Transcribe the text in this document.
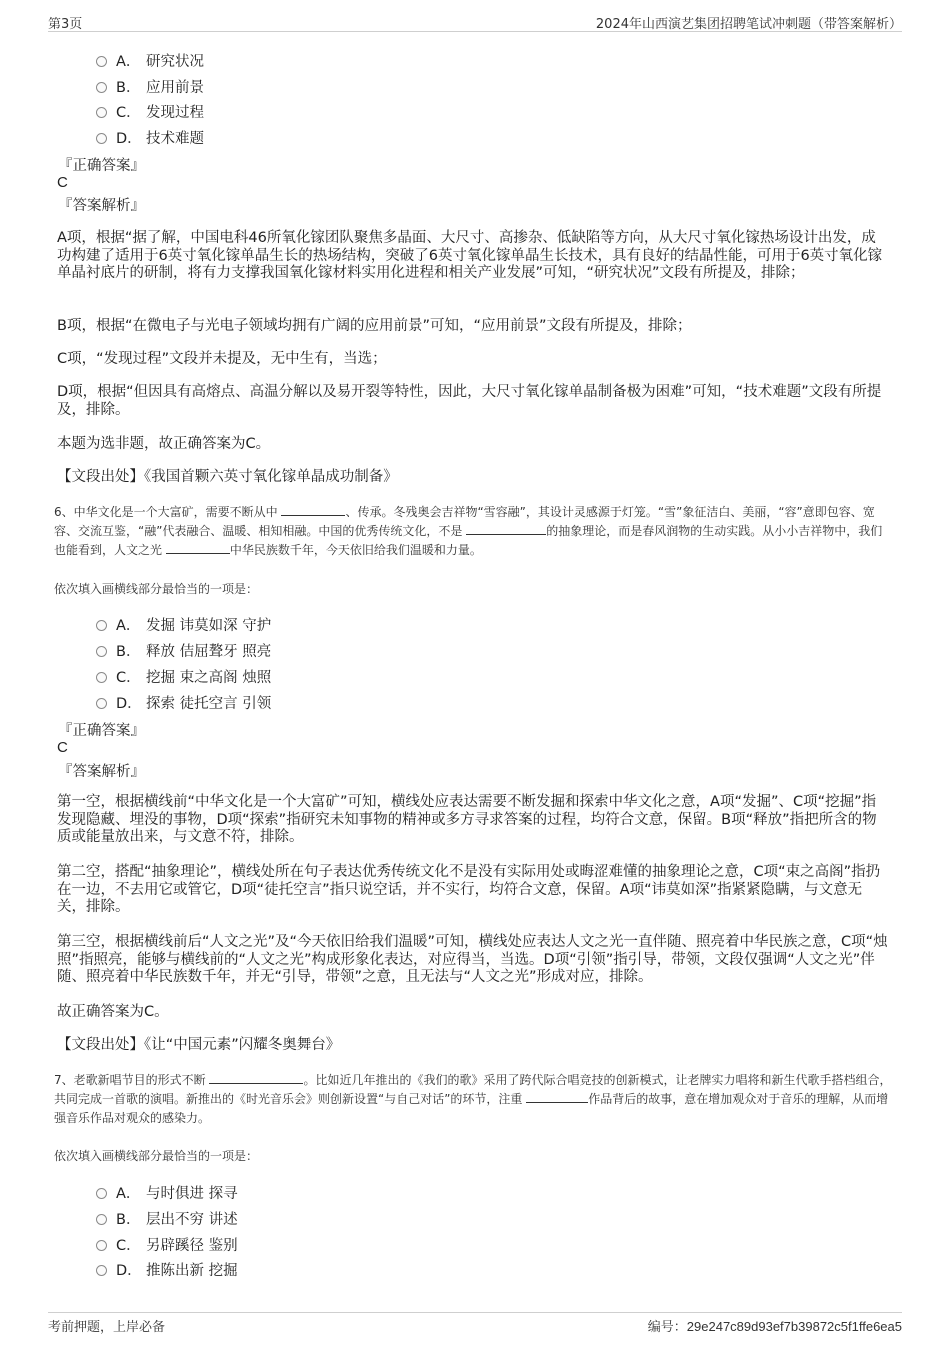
第3页	2024年山西演艺集团招聘笔试冲刺题（带答案解析）
A． 研究状况
B． 应用前景
C． 发现过程
D． 技术难题
『正确答案』
C
『答案解析』
A项，根据“据了解，中国电科46所氧化镓团队聚焦多晶面、大尺寸、高掺杂、低缺陷等方向，从大尺寸氧化镓热场设计出发，成功构建了适用于6英寸氧化镓单晶生长的热场结构，突破了6英寸氧化镓单晶生长技术，具有良好的结晶性能，可用于6英寸氧化镓单晶衬底片的研制，将有力支撑我国氧化镓材料实用化进程和相关产业发展”可知，“研究状况”文段有所提及，排除；
B项，根据“在微电子与光电子领域均拥有广阔的应用前景”可知，“应用前景”文段有所提及，排除；
C项，“发现过程”文段并未提及，无中生有，当选；
D项，根据“但因具有高熔点、高温分解以及易开裂等特性，因此，大尺寸氧化镓单晶制备极为困难”可知，“技术难题”文段有所提及，排除。
本题为选非题，故正确答案为C。
【文段出处】《我国首颗六英寸氧化镓单晶成功制备》
6、中华文化是一个大富矿，需要不断从中	、传承。冬残奥会吉祥物“雪容融”，其设计灵感源于灯笼。“雪”象征洁白、美丽，“容”意即包容、宽容、交流互鉴，“融”代表融合、温暖、相知相融。中国的优秀传统文化，不是	的抽象理论，而是春风润物的生动实践。从小小吉祥物中，我们也能看到，人文之光	中华民族数千年，今天依旧给我们温暖和力量。
依次填入画横线部分最恰当的一项是：
A． 发掘 讳莫如深 守护
B． 释放 佶屈聱牙 照亮
C． 挖掘 束之高阁 烛照
D． 探索 徒托空言 引领
『正确答案』
C
『答案解析』
第一空，根据横线前“中华文化是一个大富矿”可知，横线处应表达需要不断发掘和探索中华文化之意，A项“发掘”、C项“挖掘”指发现隐藏、埋没的事物，D项“探索”指研究未知事物的精神或多方寻求答案的过程，均符合文意，保留。B项“释放”指把所含的物质或能量放出来，与文意不符，排除。
第二空，搭配“抽象理论”，横线处所在句子表达优秀传统文化不是没有实际用处或晦涩难懂的抽象理论之意，C项“束之高阁”指扔在一边，不去用它或管它，D项“徒托空言”指只说空话，并不实行，均符合文意，保留。A项“讳莫如深”指紧紧隐瞒，与文意无关，排除。
第三空，根据横线前后“人文之光”及“今天依旧给我们温暖”可知，横线处应表达人文之光一直伴随、照亮着中华民族之意，C项“烛照”指照亮，能够与横线前的“人文之光”构成形象化表达，对应得当，当选。D项“引领”指引导，带领，文段仅强调“人文之光”伴随、照亮着中华民族数千年，并无“引导，带领”之意，且无法与“人文之光”形成对应，排除。
故正确答案为C。
【文段出处】《让“中国元素”闪耀冬奥舞台》
7、老歌新唱节目的形式不断	。比如近几年推出的《我们的歌》采用了跨代际合唱竞技的创新模式，让老牌实力唱将和新生代歌手搭档组合，共同完成一首歌的演唱。新推出的《时光音乐会》则创新设置“与自己对话”的环节，注重	作品背后的故事，意在增加观众对于音乐的理解，从而增强音乐作品对观众的感染力。
依次填入画横线部分最恰当的一项是：
A． 与时俱进 探寻
B． 层出不穷 讲述
C． 另辟蹊径 鉴别
D． 推陈出新 挖掘
考前押题，上岸必备	编号：29e247c89d93ef7b39872c5f1ffe6ea5
